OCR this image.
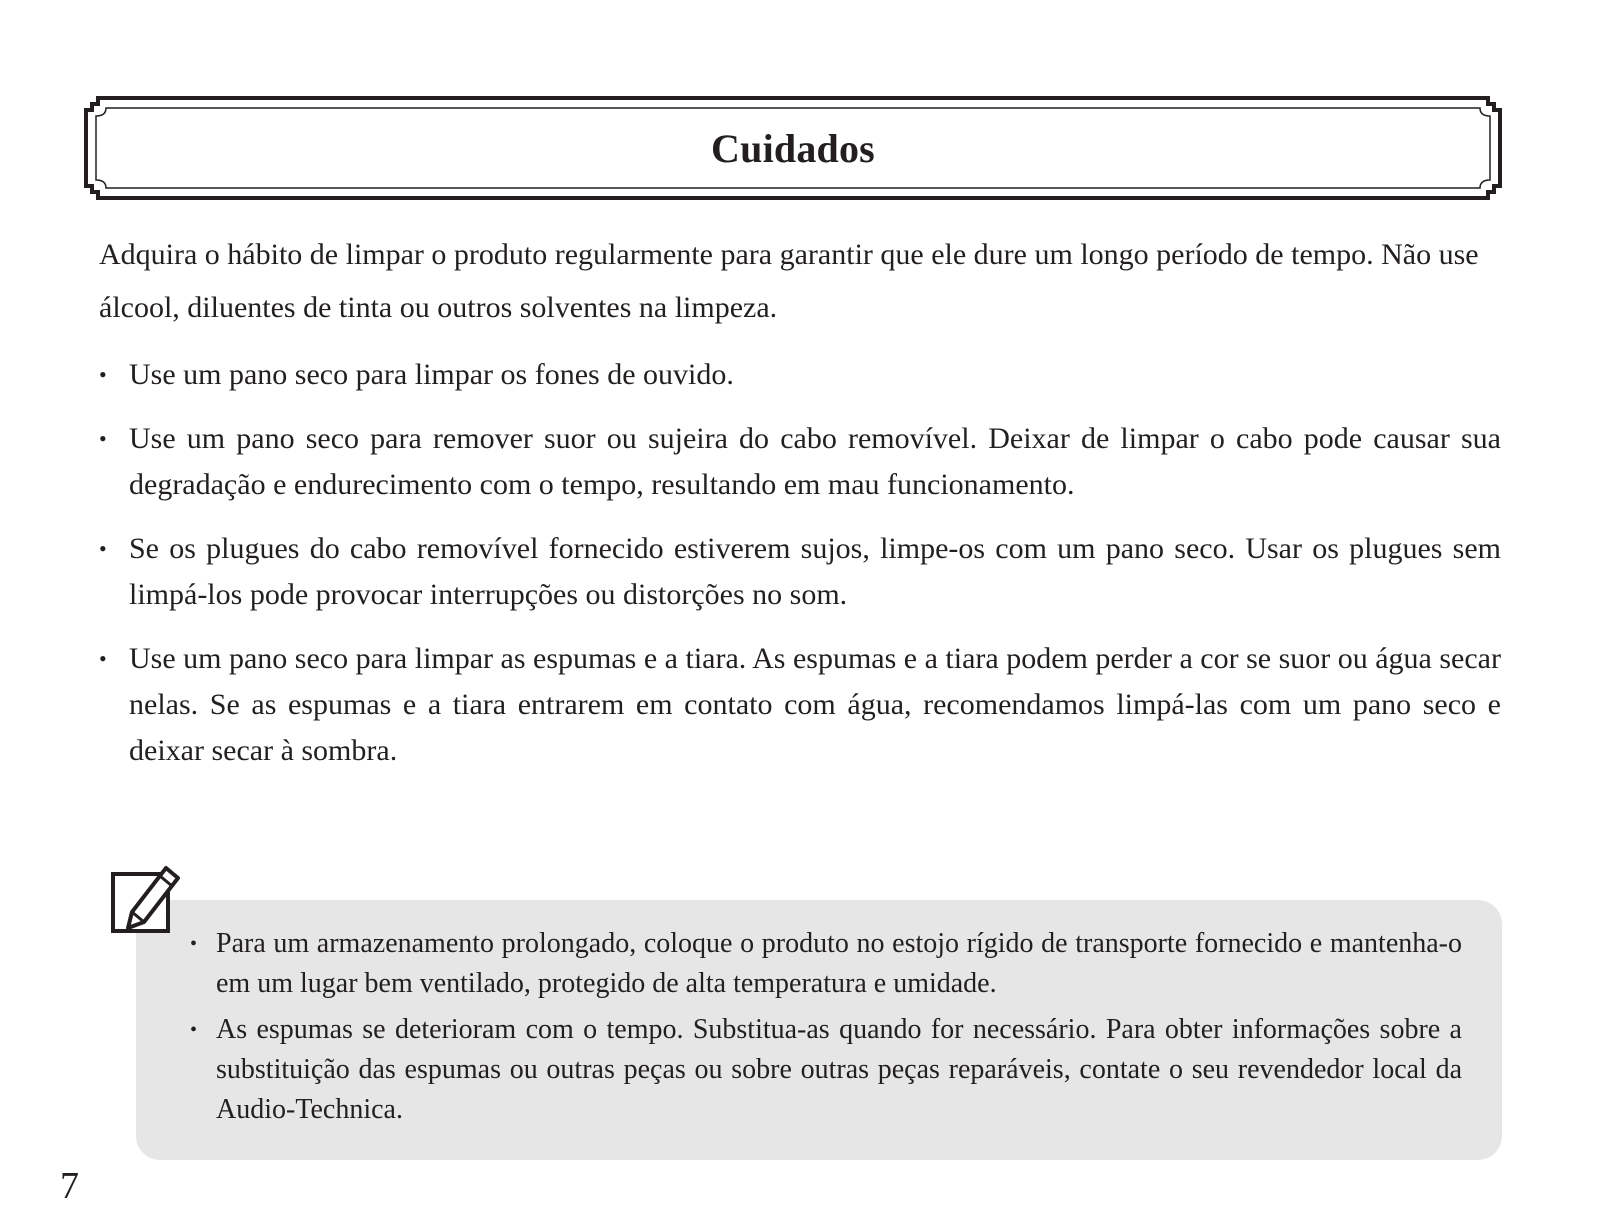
Cuidados

Adquira o hábito de limpar o produto regularmente para garantir que ele dure um longo período de tempo. Não use álcool, diluentes de tinta ou outros solventes na limpeza.

• Use um pano seco para limpar os fones de ouvido.
• Use um pano seco para remover suor ou sujeira do cabo removível. Deixar de limpar o cabo pode causar sua degradação e endurecimento com o tempo, resultando em mau funcionamento.
• Se os plugues do cabo removível fornecido estiverem sujos, limpe-os com um pano seco. Usar os plugues sem limpá-los pode provocar interrupções ou distorções no som.
• Use um pano seco para limpar as espumas e a tiara. As espumas e a tiara podem perder a cor se suor ou água secar nelas. Se as espumas e a tiara entrarem em contato com água, recomendamos limpá-las com um pano seco e deixar secar à sombra.
• Para um armazenamento prolongado, coloque o produto no estojo rígido de transporte fornecido e mantenha-o em um lugar bem ventilado, protegido de alta temperatura e umidade.
• As espumas se deterioram com o tempo. Substitua-as quando for necessário. Para obter informações sobre a substituição das espumas ou outras peças ou sobre outras peças reparáveis, contate o seu revendedor local da Audio-Technica.
7
